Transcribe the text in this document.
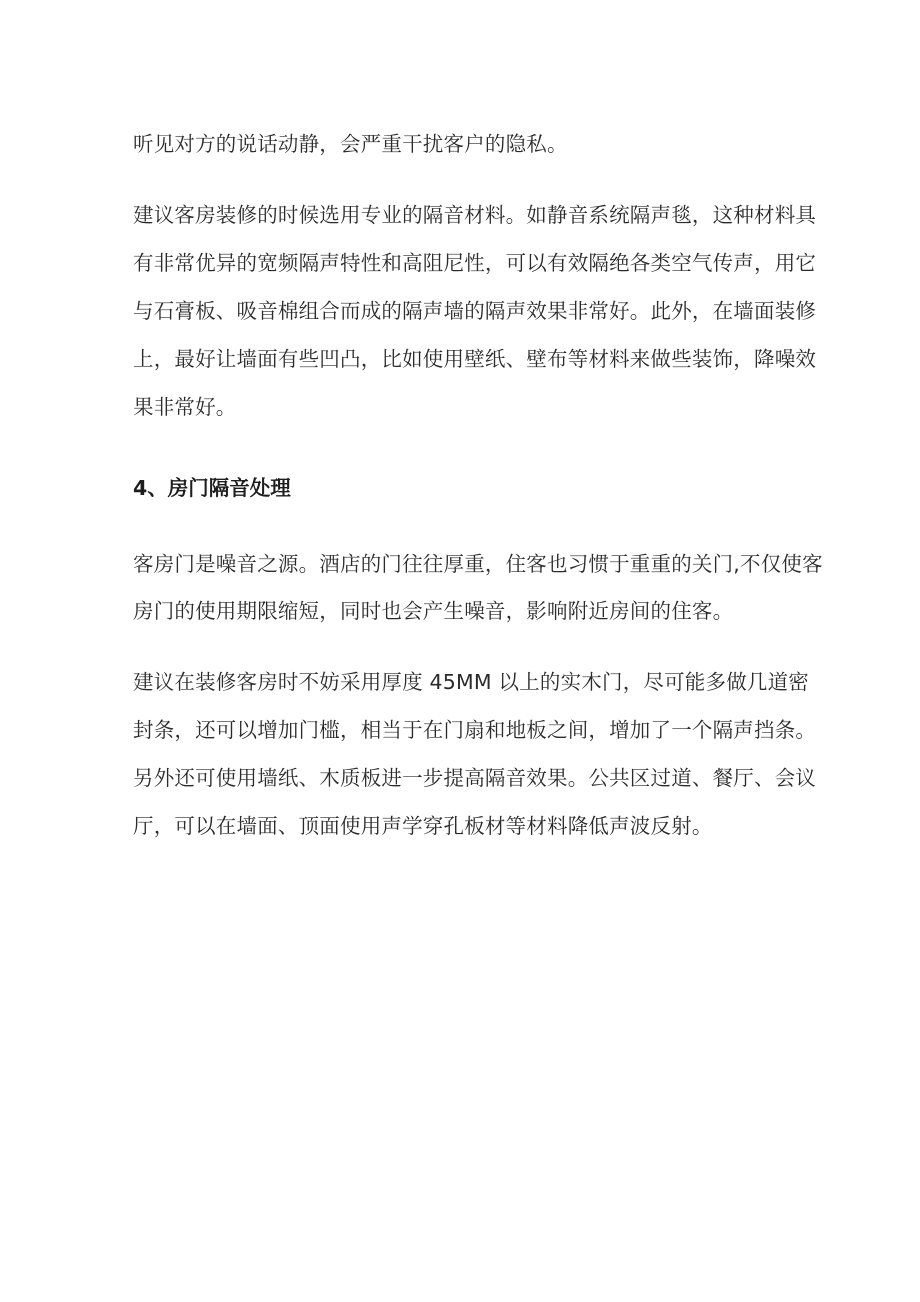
听见对方的说话动静，会严重干扰客户的隐私。

建议客房装修的时候选用专业的隔音材料。如静音系统隔声毯，这种材料具

有非常优异的宽频隔声特性和高阻尼性，可以有效隔绝各类空气传声，用它

与石膏板、吸音棉组合而成的隔声墙的隔声效果非常好。此外，在墙面装修

上，最好让墙面有些凹凸，比如使用壁纸、壁布等材料来做些装饰，降噪效

果非常好。

4、房门隔音处理

客房门是噪音之源。酒店的门往往厚重，住客也习惯于重重的关门,不仅使客

房门的使用期限缩短，同时也会产生噪音，影响附近房间的住客。

建议在装修客房时不妨采用厚度 45MM 以上的实木门，尽可能多做几道密

封条，还可以增加门槛，相当于在门扇和地板之间，增加了一个隔声挡条。

另外还可使用墙纸、木质板进一步提高隔音效果。公共区过道、餐厅、会议

厅，可以在墙面、顶面使用声学穿孔板材等材料降低声波反射。
